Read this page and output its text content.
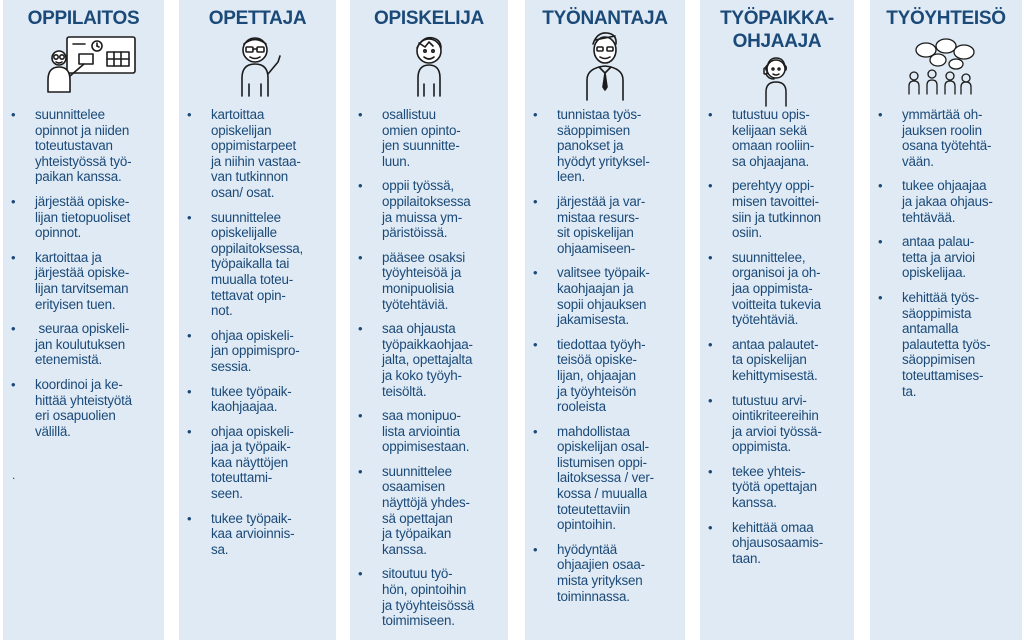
OPPILAITOS
• suunnittelee
opinnot ja niiden
toteutustavan
yhteistyössä työ-
paikan kanssa.
• järjestää opiske-
lijan tietopuoliset
opinnot.
• kartoittaa ja
järjestää opiske-
lijan tarvitseman
erityisen tuen.
• seuraa opiskeli-
jan koulutuksen
etenemistä.
• koordinoi ja ke-
hittää yhteistyötä
eri osapuolien
välillä.
.
OPETTAJA
• kartoittaa
opiskelijan
oppimistarpeet
ja niihin vastaa-
van tutkinnon
osan/ osat.
• suunnittelee
opiskelijalle
oppilaitoksessa,
työpaikalla tai
muualla toteu-
tettavat opin-
not.
• ohjaa opiskeli-
jan oppimispro-
sessia.
• tukee työpaik-
kaohjaajaa.
• ohjaa opiskeli-
jaa ja työpaik-
kaa näyttöjen
toteuttami-
seen.
• tukee työpaik-
kaa arvioinnis-
sa.
OPISKELIJA
• osallistuu
omien opinto-
jen suunnitte-
luun.
• oppii työssä,
oppilaitoksessa
ja muissa ym-
päristöissä.
• pääsee osaksi
työyhteisöä ja
monipuolisia
työtehtäviä.
• saa ohjausta
työpaikkaohjaa-
jalta, opettajalta
ja koko työyh-
teisöltä.
• saa monipuo-
lista arviointia
oppimisestaan.
• suunnittelee
osaamisen
näyttöjä yhdes-
sä opettajan
ja työpaikan
kanssa.
• sitoutuu työ-
hön, opintoihin
ja työyhteisössä
toimimiseen.
TYÖNANTAJA
• tunnistaa työs-
säoppimisen
panokset ja
hyödyt yrityksel-
leen.
• järjestää ja var-
mistaa resurs-
sit opiskelijan
ohjaamiseen-
• valitsee työpaik-
kaohjaajan ja
sopii ohjauksen
jakamisesta.
• tiedottaa työyh-
teisöä opiske-
lijan, ohjaajan
ja työyhteisön
rooleista
• mahdollistaa
opiskelijan osal-
listumisen oppi-
laitoksessa / ver-
kossa / muualla
toteutettaviin
opintoihin.
• hyödyntää
ohjaajien osaa-
mista yrityksen
toiminnassa.
TYÖPAIKKA-
OHJAAJA
• tutustuu opis-
kelijaan sekä
omaan rooliin-
sa ohjaajana.
• perehtyy oppi-
misen tavoittei-
siin ja tutkinnon
osiin.
• suunnittelee,
organisoi ja oh-
jaa oppimista-
voitteita tukevia
työtehtäviä.
• antaa palautet-
ta opiskelijan
kehittymisestä.
• tutustuu arvi-
ointikriteereihin
ja arvioi työssä-
oppimista.
• tekee yhteis-
työtä opettajan
kanssa.
• kehittää omaa
ohjausosaamis-
taan.
TYÖYHTEISÖ
• ymmärtää oh-
jauksen roolin
osana työtehtä-
vään.
• tukee ohjaajaa
ja jakaa ohjaus-
tehtävää.
• antaa palau-
tetta ja arvioi
opiskelijaa.
• kehittää työs-
säoppimista
antamalla
palautetta työs-
säoppimisen
toteuttamises-
ta.
